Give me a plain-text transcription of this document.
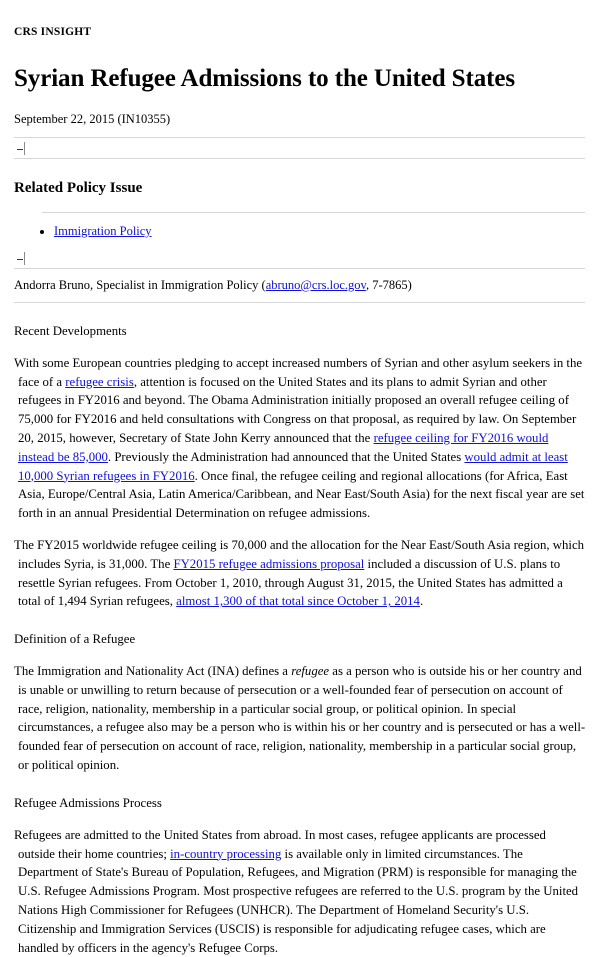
CRS INSIGHT
Syrian Refugee Admissions to the United States
September 22, 2015 (IN10355)
Related Policy Issue
• Immigration Policy
Andorra Bruno, Specialist in Immigration Policy (abruno@crs.loc.gov, 7-7865)
Recent Developments

With some European countries pledging to accept increased numbers of Syrian and other asylum seekers in the face of a refugee crisis, attention is focused on the United States and its plans to admit Syrian and other refugees in FY2016 and beyond. The Obama Administration initially proposed an overall refugee ceiling of 75,000 for FY2016 and held consultations with Congress on that proposal, as required by law. On September 20, 2015, however, Secretary of State John Kerry announced that the refugee ceiling for FY2016 would instead be 85,000. Previously the Administration had announced that the United States would admit at least 10,000 Syrian refugees in FY2016. Once final, the refugee ceiling and regional allocations (for Africa, East Asia, Europe/Central Asia, Latin America/Caribbean, and Near East/South Asia) for the next fiscal year are set forth in an annual Presidential Determination on refugee admissions.

The FY2015 worldwide refugee ceiling is 70,000 and the allocation for the Near East/South Asia region, which includes Syria, is 31,000. The FY2015 refugee admissions proposal included a discussion of U.S. plans to resettle Syrian refugees. From October 1, 2010, through August 31, 2015, the United States has admitted a total of 1,494 Syrian refugees, almost 1,300 of that total since October 1, 2014.

Definition of a Refugee

The Immigration and Nationality Act (INA) defines a refugee as a person who is outside his or her country and is unable or unwilling to return because of persecution or a well-founded fear of persecution on account of race, religion, nationality, membership in a particular social group, or political opinion. In special circumstances, a refugee also may be a person who is within his or her country and is persecuted or has a well-founded fear of persecution on account of race, religion, nationality, membership in a particular social group, or political opinion.

Refugee Admissions Process

Refugees are admitted to the United States from abroad. In most cases, refugee applicants are processed outside their home countries; in-country processing is available only in limited circumstances. The Department of State's Bureau of Population, Refugees, and Migration (PRM) is responsible for managing the U.S. Refugee Admissions Program. Most prospective refugees are referred to the U.S. program by the United Nations High Commissioner for Refugees (UNHCR). The Department of Homeland Security's U.S. Citizenship and Immigration Services (USCIS) is responsible for adjudicating refugee cases, which are handled by officers in the agency's Refugee Corps.
